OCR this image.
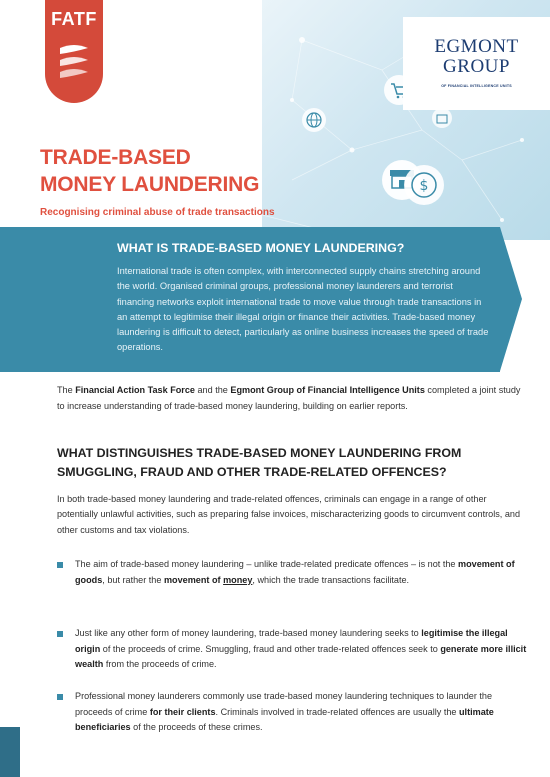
$
FATF
EGMONT
GROUP
OF FINANCIAL INTELLIGENCE UNITS
TRADE-BASED
MONEY LAUNDERING
Recognising criminal abuse of trade transactions
WHAT IS TRADE-BASED MONEY LAUNDERING?
International trade is often complex, with interconnected supply chains stretching around the world. Organised criminal groups, professional money launderers and terrorist financing networks exploit international trade to move value through trade transactions in an attempt to legitimise their illegal origin or finance their activities. Trade-based money laundering is difficult to detect, particularly as online business increases the speed of trade operations.
The Financial Action Task Force and the Egmont Group of Financial Intelligence Units completed a joint study to increase understanding of trade-based money laundering, building on earlier reports.
WHAT DISTINGUISHES TRADE-BASED MONEY LAUNDERING FROM SMUGGLING, FRAUD AND OTHER TRADE-RELATED OFFENCES?
In both trade-based money laundering and trade-related offences, criminals can engage in a range of other potentially unlawful activities, such as preparing false invoices, mischaracterizing goods to circumvent controls, and other customs and tax violations.
The aim of trade-based money laundering – unlike trade-related predicate offences – is not the movement of goods, but rather the movement of money, which the trade transactions facilitate.
Just like any other form of money laundering, trade-based money laundering seeks to legitimise the illegal origin of the proceeds of crime. Smuggling, fraud and other trade-related offences seek to generate more illicit wealth from the proceeds of crime.
Professional money launderers commonly use trade-based money laundering techniques to launder the proceeds of crime for their clients. Criminals involved in trade-related offences are usually the ultimate beneficiaries of the proceeds of these crimes.
